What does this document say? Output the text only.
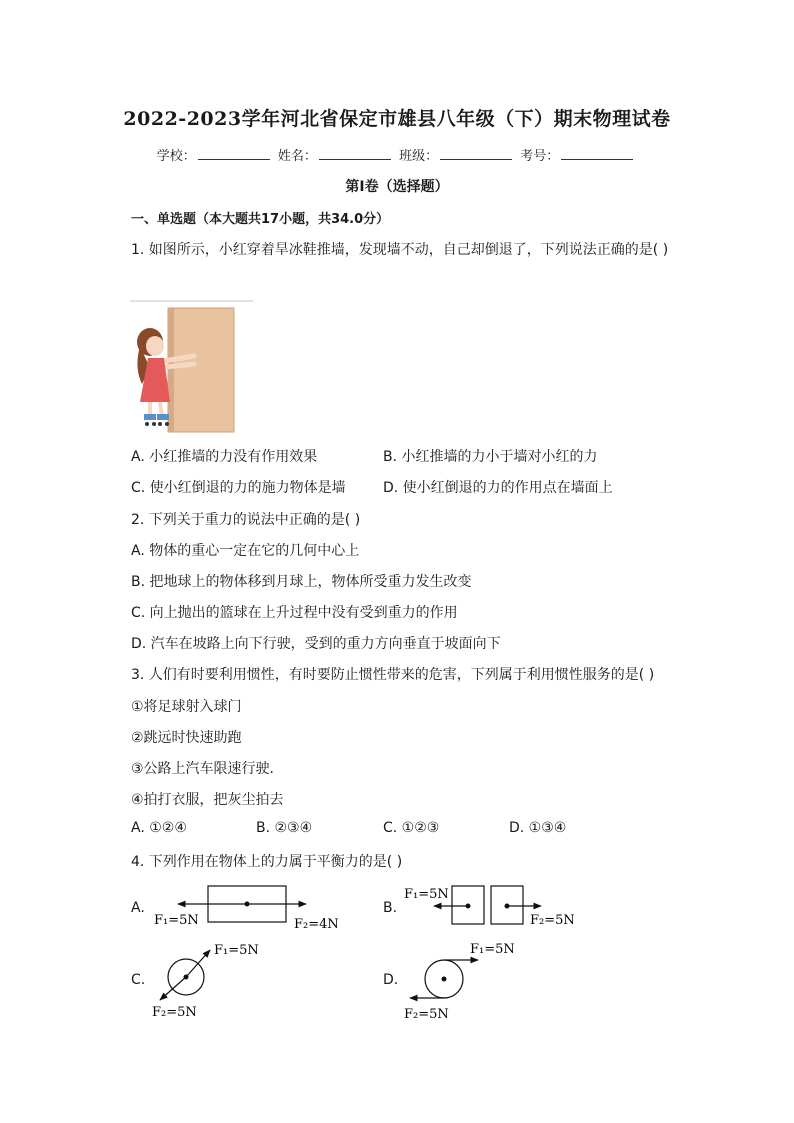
2022-2023学年河北省保定市雄县八年级（下）期末物理试卷
学校：	姓名：	班级：	考号：
第I卷（选择题）
一、单选题（本大题共17小题，共34.0分）
1. 如图所示，小红穿着旱冰鞋推墙，发现墙不动，自己却倒退了，下列说法正确的是( )
A. 小红推墙的力没有作用效果	B. 小红推墙的力小于墙对小红的力
C. 使小红倒退的力的施力物体是墙	D. 使小红倒退的力的作用点在墙面上
2. 下列关于重力的说法中正确的是( )
A. 物体的重心一定在它的几何中心上
B. 把地球上的物体移到月球上，物体所受重力发生改变
C. 向上抛出的篮球在上升过程中没有受到重力的作用
D. 汽车在坡路上向下行驶，受到的重力方向垂直于坡面向下
3. 人们有时要利用惯性，有时要防止惯性带来的危害，下列属于利用惯性服务的是( )
①将足球射入球门
②跳远时快速助跑
③公路上汽车限速行驶．
④拍打衣服，把灰尘拍去
A. ①②④	B. ②③④	C. ①②③	D. ①③④
4. 下列作用在物体上的力属于平衡力的是( )
A.	B.
C.	D.
F₁=5N	F₂=4N
F₁=5N
F₂=5N
F₁=5N
F₂=5N
F₁=5N
F₂=5N
